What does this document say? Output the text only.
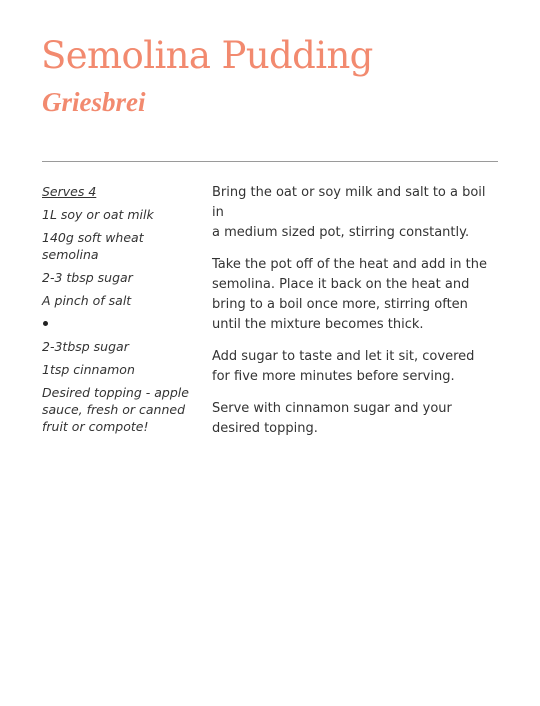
Semolina Pudding
Griesbrei
Serves 4
1L soy or oat milk
140g soft wheat semolina
2-3 tbsp sugar
A pinch of salt
2-3tbsp sugar
1tsp cinnamon
Desired topping - apple sauce, fresh or canned fruit or compote!

Bring the oat or soy milk and salt to a boil in
a medium sized pot, stirring constantly.

Take the pot off of the heat and add in the semolina. Place it back on the heat and bring to a boil once more, stirring often until the mixture becomes thick.

Add sugar to taste and let it sit, covered
for five more minutes before serving.

Serve with cinnamon sugar and your
desired topping.
